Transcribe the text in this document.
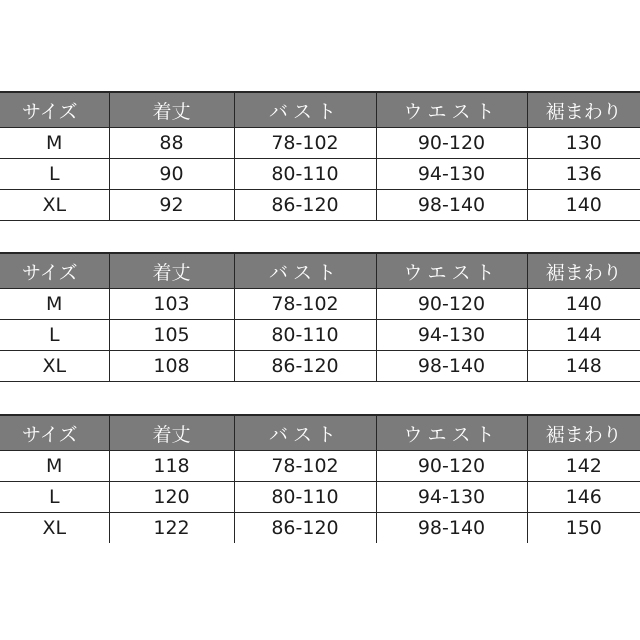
サイズ	着丈	バスト	ウエスト	裾まわり
M	88	78-102	90-120	130
L	90	80-110	94-130	136
XL	92	86-120	98-140	140
サイズ	着丈	バスト	ウエスト	裾まわり
M	103	78-102	90-120	140
L	105	80-110	94-130	144
XL	108	86-120	98-140	148
サイズ	着丈	バスト	ウエスト	裾まわり
M	118	78-102	90-120	142
L	120	80-110	94-130	146
XL	122	86-120	98-140	150
